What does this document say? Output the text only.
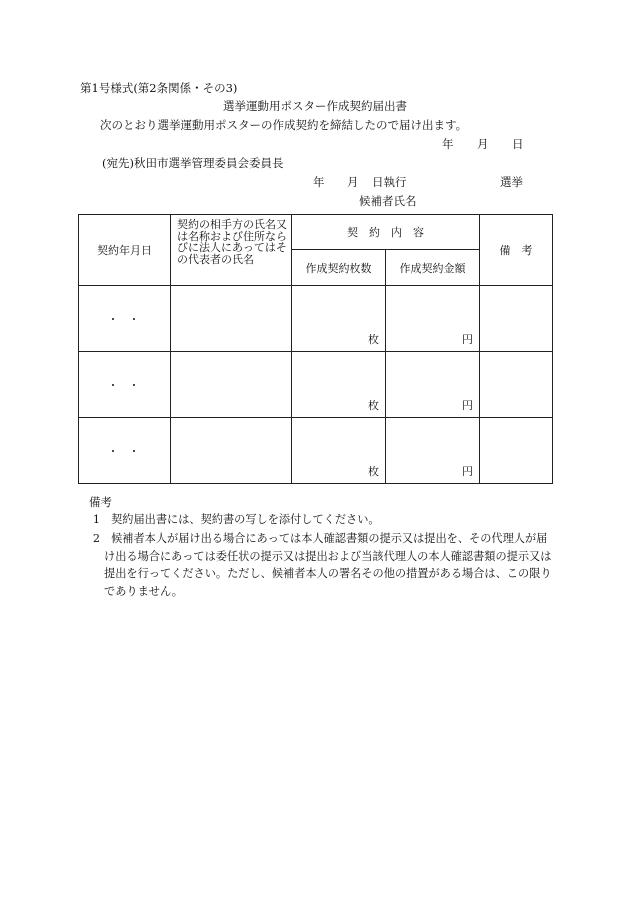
第1号様式(第2条関係・その3)
選挙運動用ポスター作成契約届出書
次のとおり選挙運動用ポスターの作成契約を締結したので届け出ます。
年 月 日
(宛先)秋田市選挙管理委員会委員長
年 月 日執行	選挙
候補者氏名
契約年月日	契約の相手方の氏名又は名称および住所ならびに法人にあってはその代表者の氏名	契　約　内　容		備　考
		作成契約枚数	作成契約金額	
・・		枚	円	

・・		枚	円	

・・		枚	円	

備考
1　契約届出書には、契約書の写しを添付してください。
2　候補者本人が届け出る場合にあっては本人確認書類の提示又は提出を、その代理人が届け出る場合にあっては委任状の提示又は提出および当該代理人の本人確認書類の提示又は提出を行ってください。ただし、候補者本人の署名その他の措置がある場合は、この限りでありません。
